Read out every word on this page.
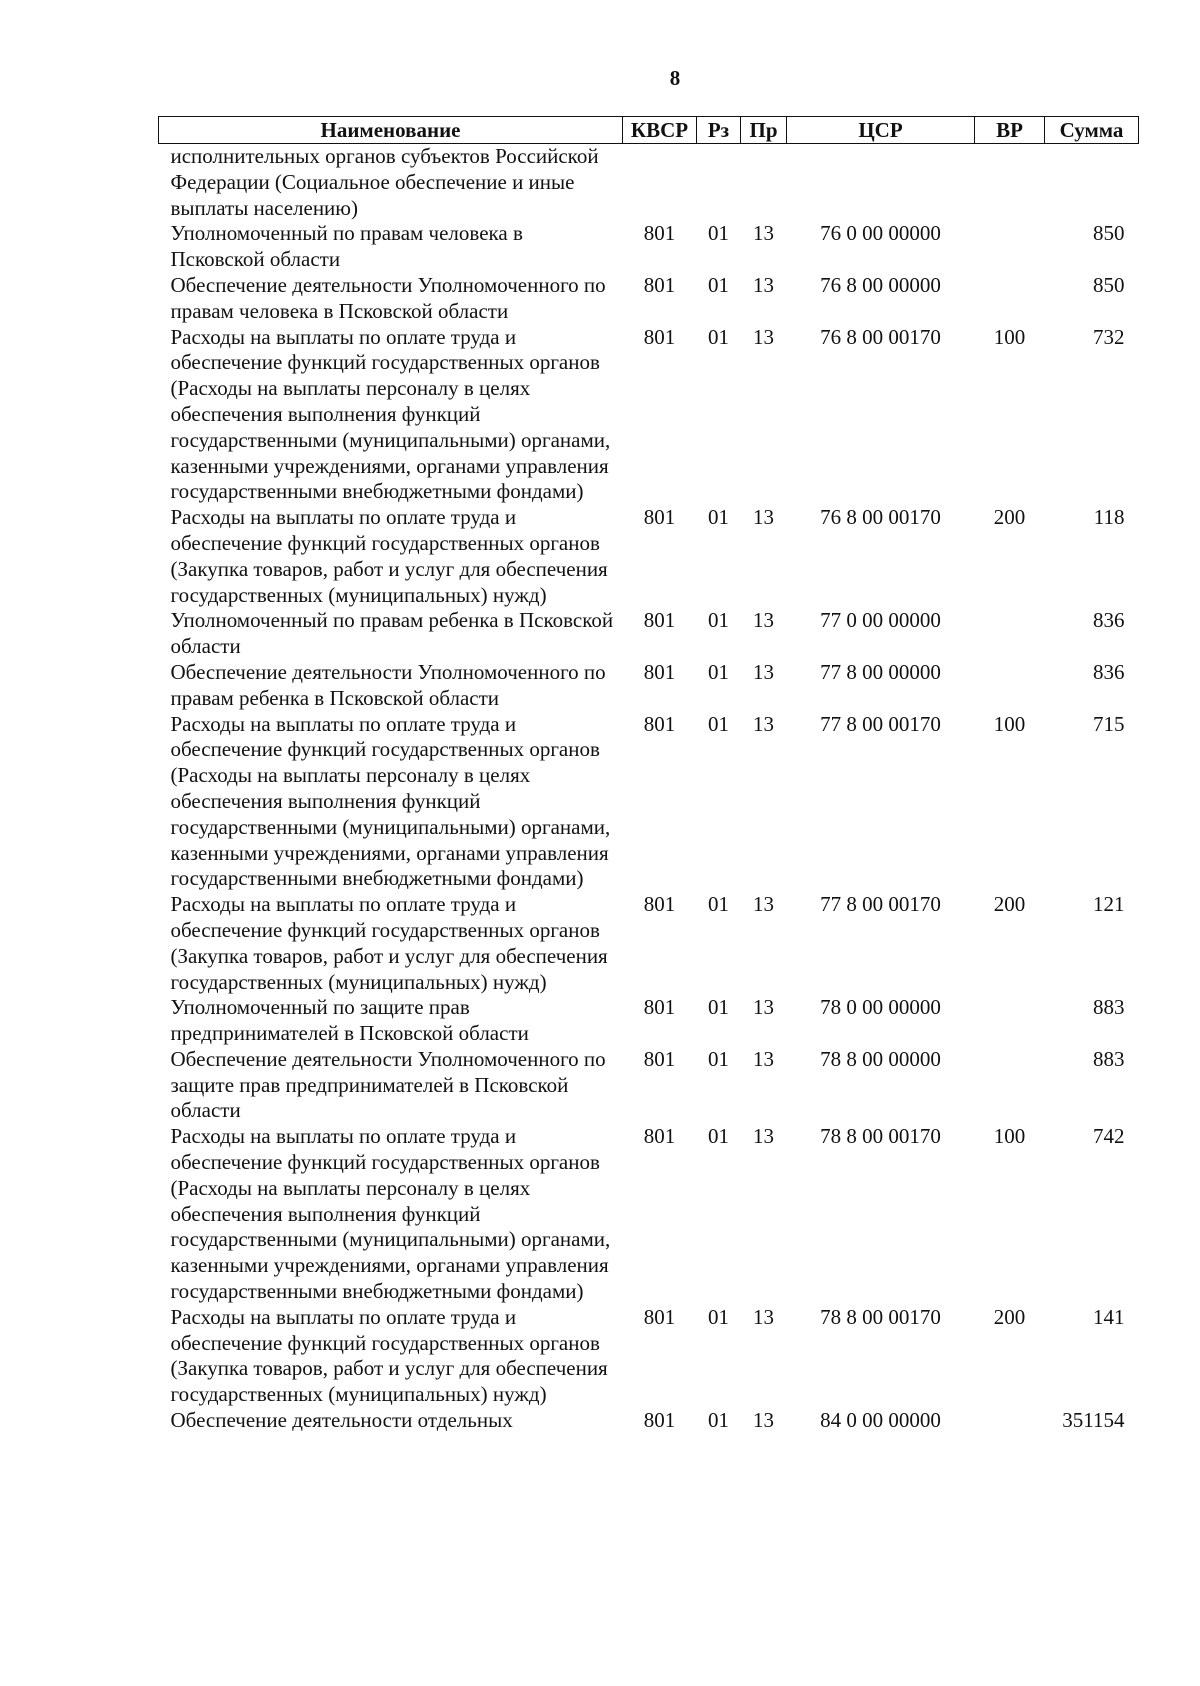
8
Наименование	КВСР	Рз	Пр	ЦСР	ВР	Сумма
исполнительных органов субъектов Российской Федерации (Социальное обеспечение и иные выплаты населению)						
Уполномоченный по правам человека в Псковской области	801	01	13	76 0 00 00000		850
Обеспечение деятельности Уполномоченного по правам человека в Псковской области	801	01	13	76 8 00 00000		850
Расходы на выплаты по оплате труда и обеспечение функций государственных органов (Расходы на выплаты персоналу в целях обеспечения выполнения функций государственными (муниципальными) органами, казенными учреждениями, органами управления государственными внебюджетными фондами)	801	01	13	76 8 00 00170	100	732
Расходы на выплаты по оплате труда и обеспечение функций государственных органов (Закупка товаров, работ и услуг для обеспечения государственных (муниципальных) нужд)	801	01	13	76 8 00 00170	200	118
Уполномоченный по правам ребенка в Псковской области	801	01	13	77 0 00 00000		836
Обеспечение деятельности Уполномоченного по правам ребенка в Псковской области	801	01	13	77 8 00 00000		836
Расходы на выплаты по оплате труда и обеспечение функций государственных органов (Расходы на выплаты персоналу в целях обеспечения выполнения функций государственными (муниципальными) органами, казенными учреждениями, органами управления государственными внебюджетными фондами)	801	01	13	77 8 00 00170	100	715
Расходы на выплаты по оплате труда и обеспечение функций государственных органов (Закупка товаров, работ и услуг для обеспечения государственных (муниципальных) нужд)	801	01	13	77 8 00 00170	200	121
Уполномоченный по защите прав предпринимателей в Псковской области	801	01	13	78 0 00 00000		883
Обеспечение деятельности Уполномоченного по защите прав предпринимателей в Псковской области	801	01	13	78 8 00 00000		883
Расходы на выплаты по оплате труда и обеспечение функций государственных органов (Расходы на выплаты персоналу в целях обеспечения выполнения функций государственными (муниципальными) органами, казенными учреждениями, органами управления государственными внебюджетными фондами)	801	01	13	78 8 00 00170	100	742
Расходы на выплаты по оплате труда и обеспечение функций государственных органов (Закупка товаров, работ и услуг для обеспечения государственных (муниципальных) нужд)	801	01	13	78 8 00 00170	200	141
Обеспечение деятельности отдельных	801	01	13	84 0 00 00000		351154
